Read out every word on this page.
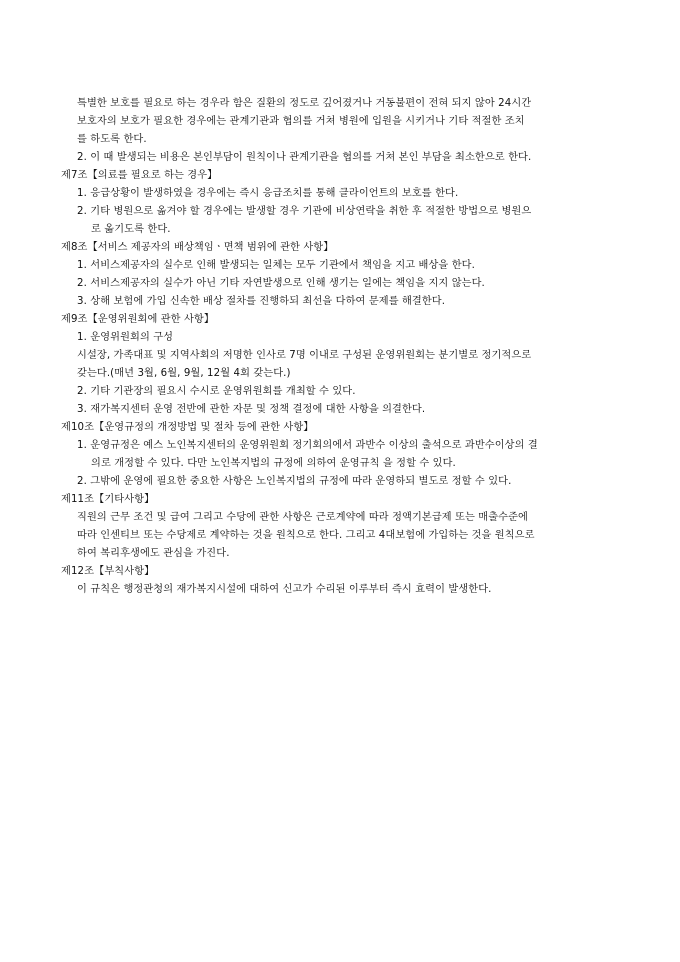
특별한 보호를 필요로 하는 경우라 함은 질환의 정도로 깊어졌거나 거동불편이 전혀 되지 않아 24시간
보호자의 보호가 필요한 경우에는 관계기관과 협의를 거쳐 병원에 입원을 시키거나 기타 적절한 조치
를 하도록 한다.
2. 이 때 발생되는 비용은 본인부담이 원칙이나 관계기관을 협의를 거쳐 본인 부담을 최소한으로 한다.
제7조【의료를 필요로 하는 경우】
1. 응급상황이 발생하였을 경우에는 즉시 응급조치를 통해 클라이언트의 보호를 한다.
2. 기타 병원으로 옮겨야 할 경우에는 발생할 경우 기관에 비상연락을 취한 후 적절한 방법으로 병원으
로 옮기도록 한다.
제8조【서비스 제공자의 배상책임ㆍ면책 범위에 관한 사항】
1. 서비스제공자의 실수로 인해 발생되는 일체는 모두 기관에서 책임을 지고 배상을 한다.
2. 서비스제공자의 실수가 아닌 기타 자연발생으로 인해 생기는 일에는 책임을 지지 않는다.
3. 상해 보험에 가입 신속한 배상 절차를 진행하되 최선을 다하여 문제를 해결한다.
제9조【운영위원회에 관한 사항】
1. 운영위원회의 구성
시설장, 가족대표 및 지역사회의 저명한 인사로 7명 이내로 구성된 운영위원회는 분기별로 정기적으로
갖는다.(매년 3월, 6월, 9월, 12월 4회 갖는다.)
2. 기타 기관장의 필요시 수시로 운영위원회를 개최할 수 있다.
3. 재가복지센터 운영 전반에 관한 자문 및 정책 결정에 대한 사항을 의결한다.
제10조【운영규정의 개정방법 및 절차 등에 관한 사항】
1. 운영규정은 예스 노인복지센터의 운영위원회 정기회의에서 과반수 이상의 출석으로 과반수이상의 결
의로 개정할 수 있다. 다만 노인복지법의 규정에 의하여 운영규칙 을 정할 수 있다.
2. 그밖에 운영에 필요한 중요한 사항은 노인복지법의 규정에 따라 운영하되 별도로 정할 수 있다.
제11조【기타사항】
직원의 근무 조건 및 급여 그리고 수당에 관한 사항은 근로계약에 따라 정액기본급제 또는 매출수준에
따라 인센티브 또는 수당제로 계약하는 것을 원칙으로 한다. 그리고 4대보험에 가입하는 것을 원칙으로
하여 복리후생에도 관심을 가진다.
제12조【부칙사항】
이 규칙은 행정관청의 재가복지시설에 대하여 신고가 수리된 이루부터 즉시 효력이 발생한다.
